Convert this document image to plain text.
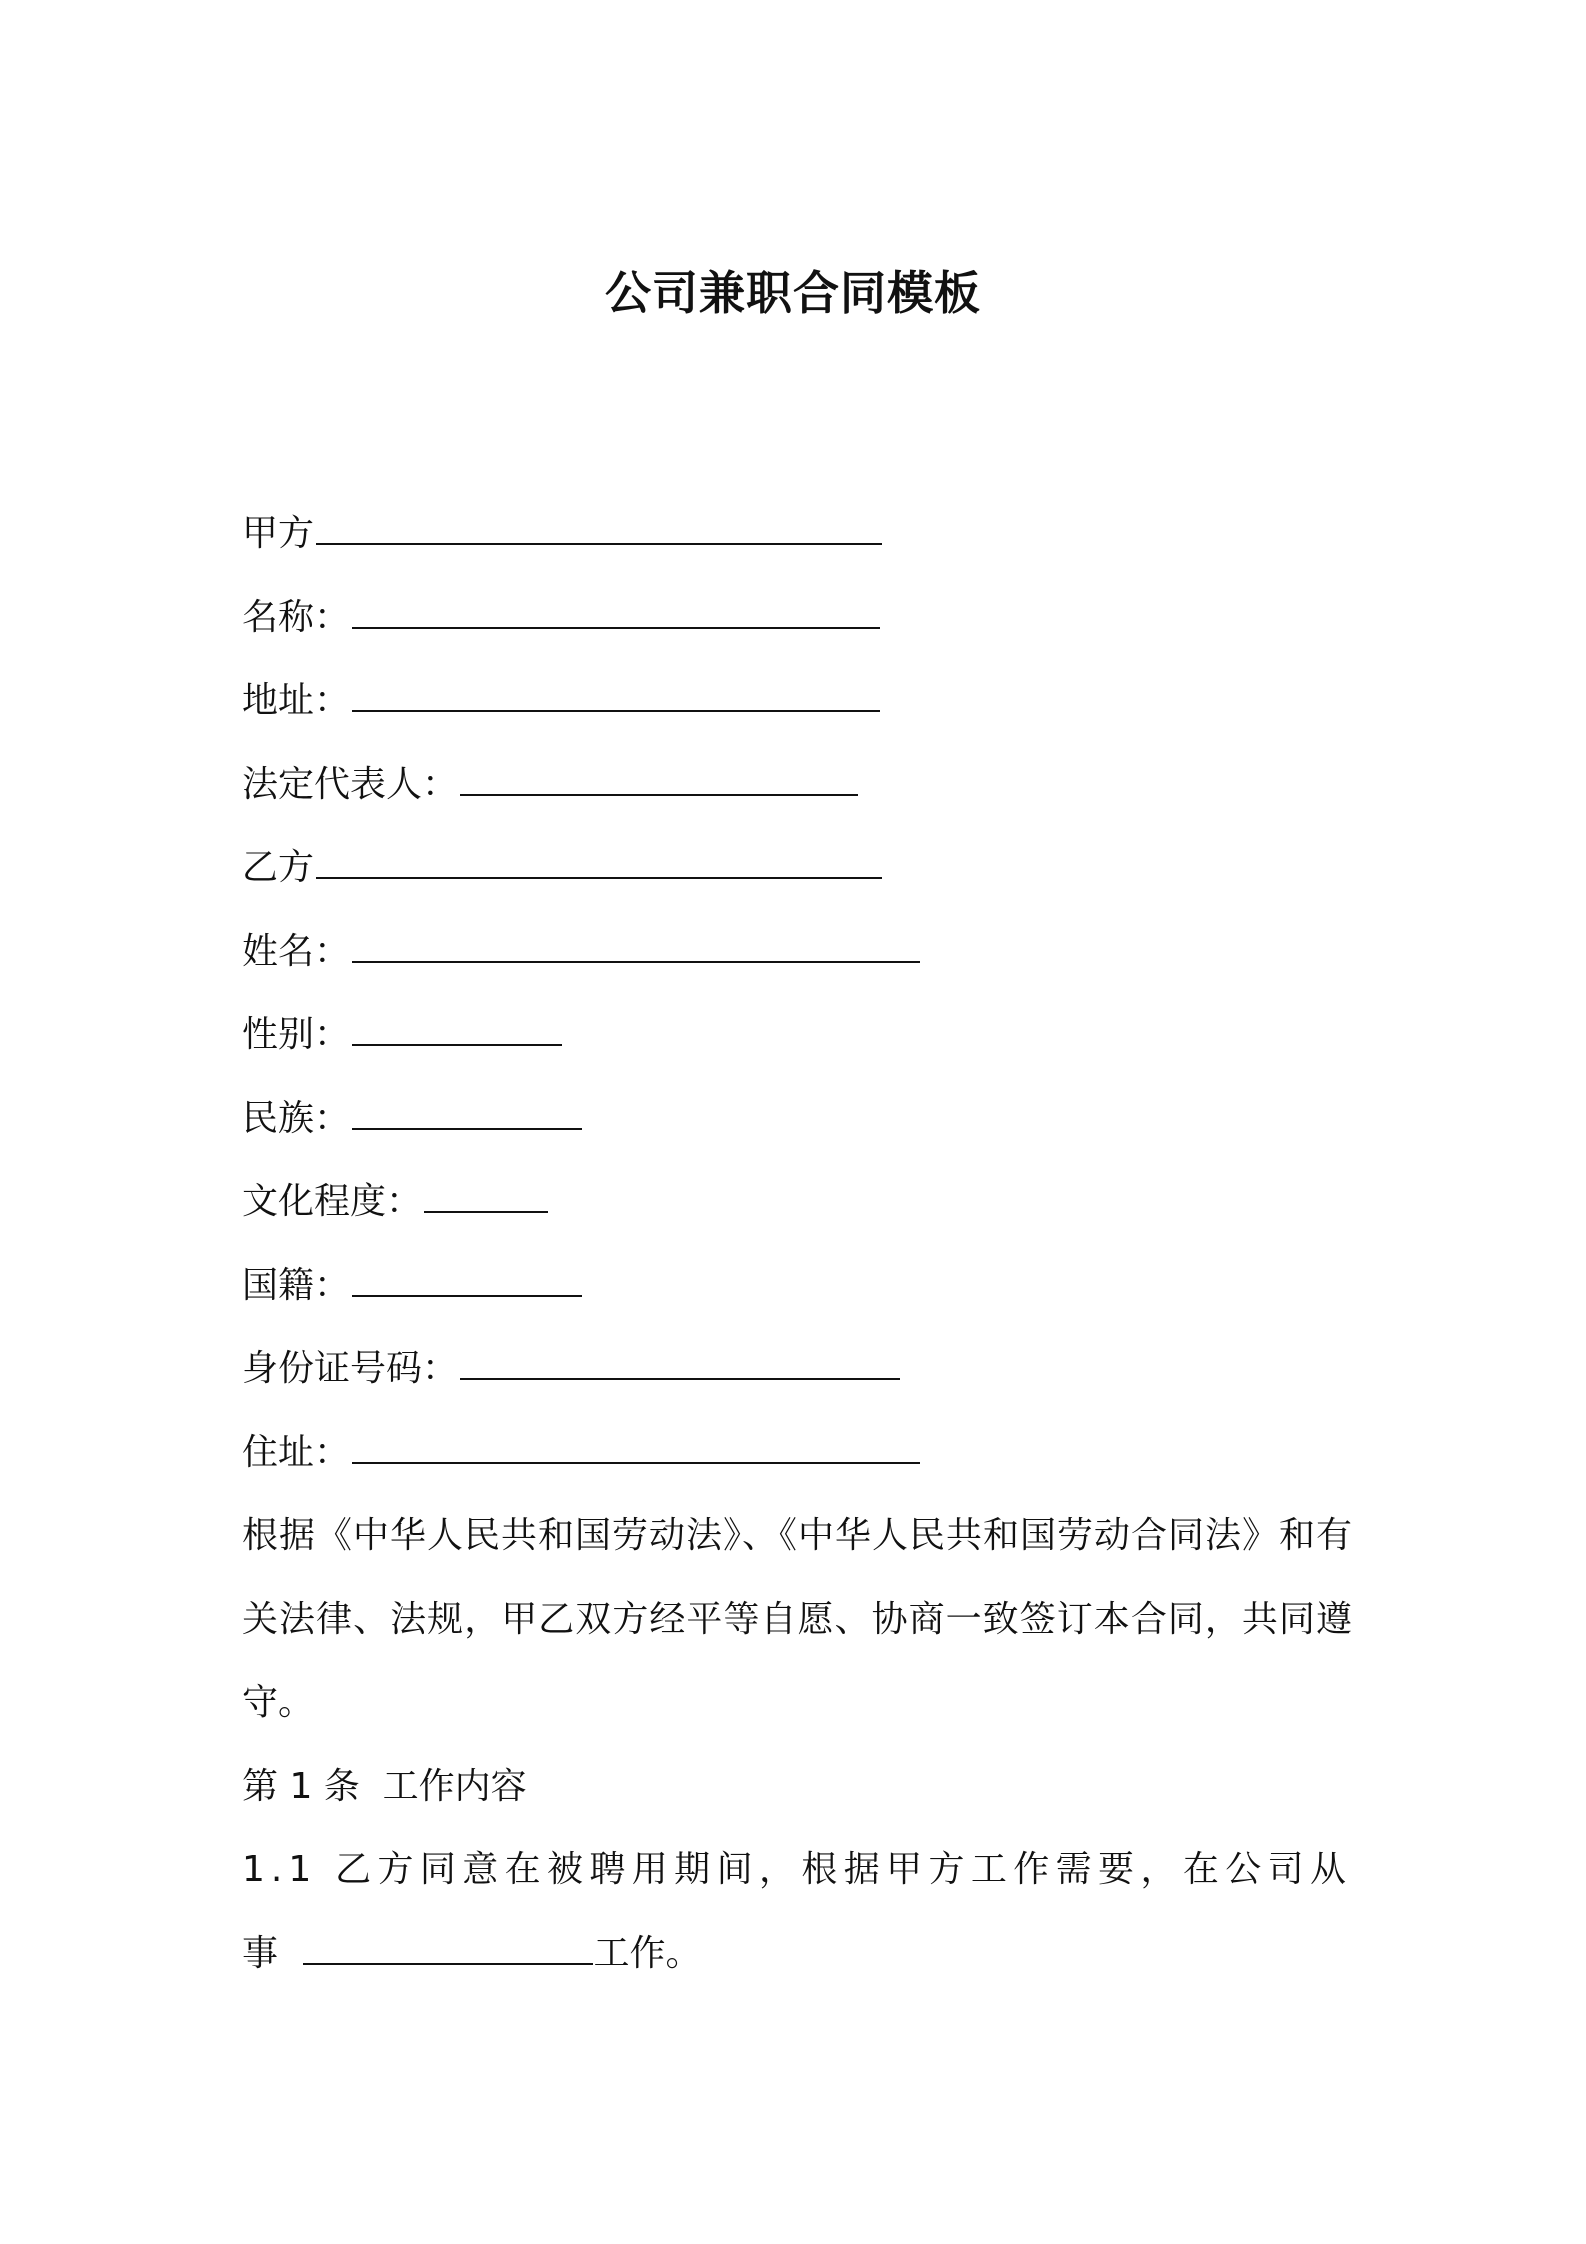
公司兼职合同模板
甲方
名称：
地址：
法定代表人：
乙方
姓名：
性别：
民族：
文化程度：
国籍：
身份证号码：
住址：
根据《中华人民共和国劳动法》、《中华人民共和国劳动合同法》和有关法律、法规，甲乙双方经平等自愿、协商一致签订本合同，共同遵守。
第 1 条  工作内容
1.1 乙方同意在被聘用期间，根据甲方工作需要，在公司从事	工作。
